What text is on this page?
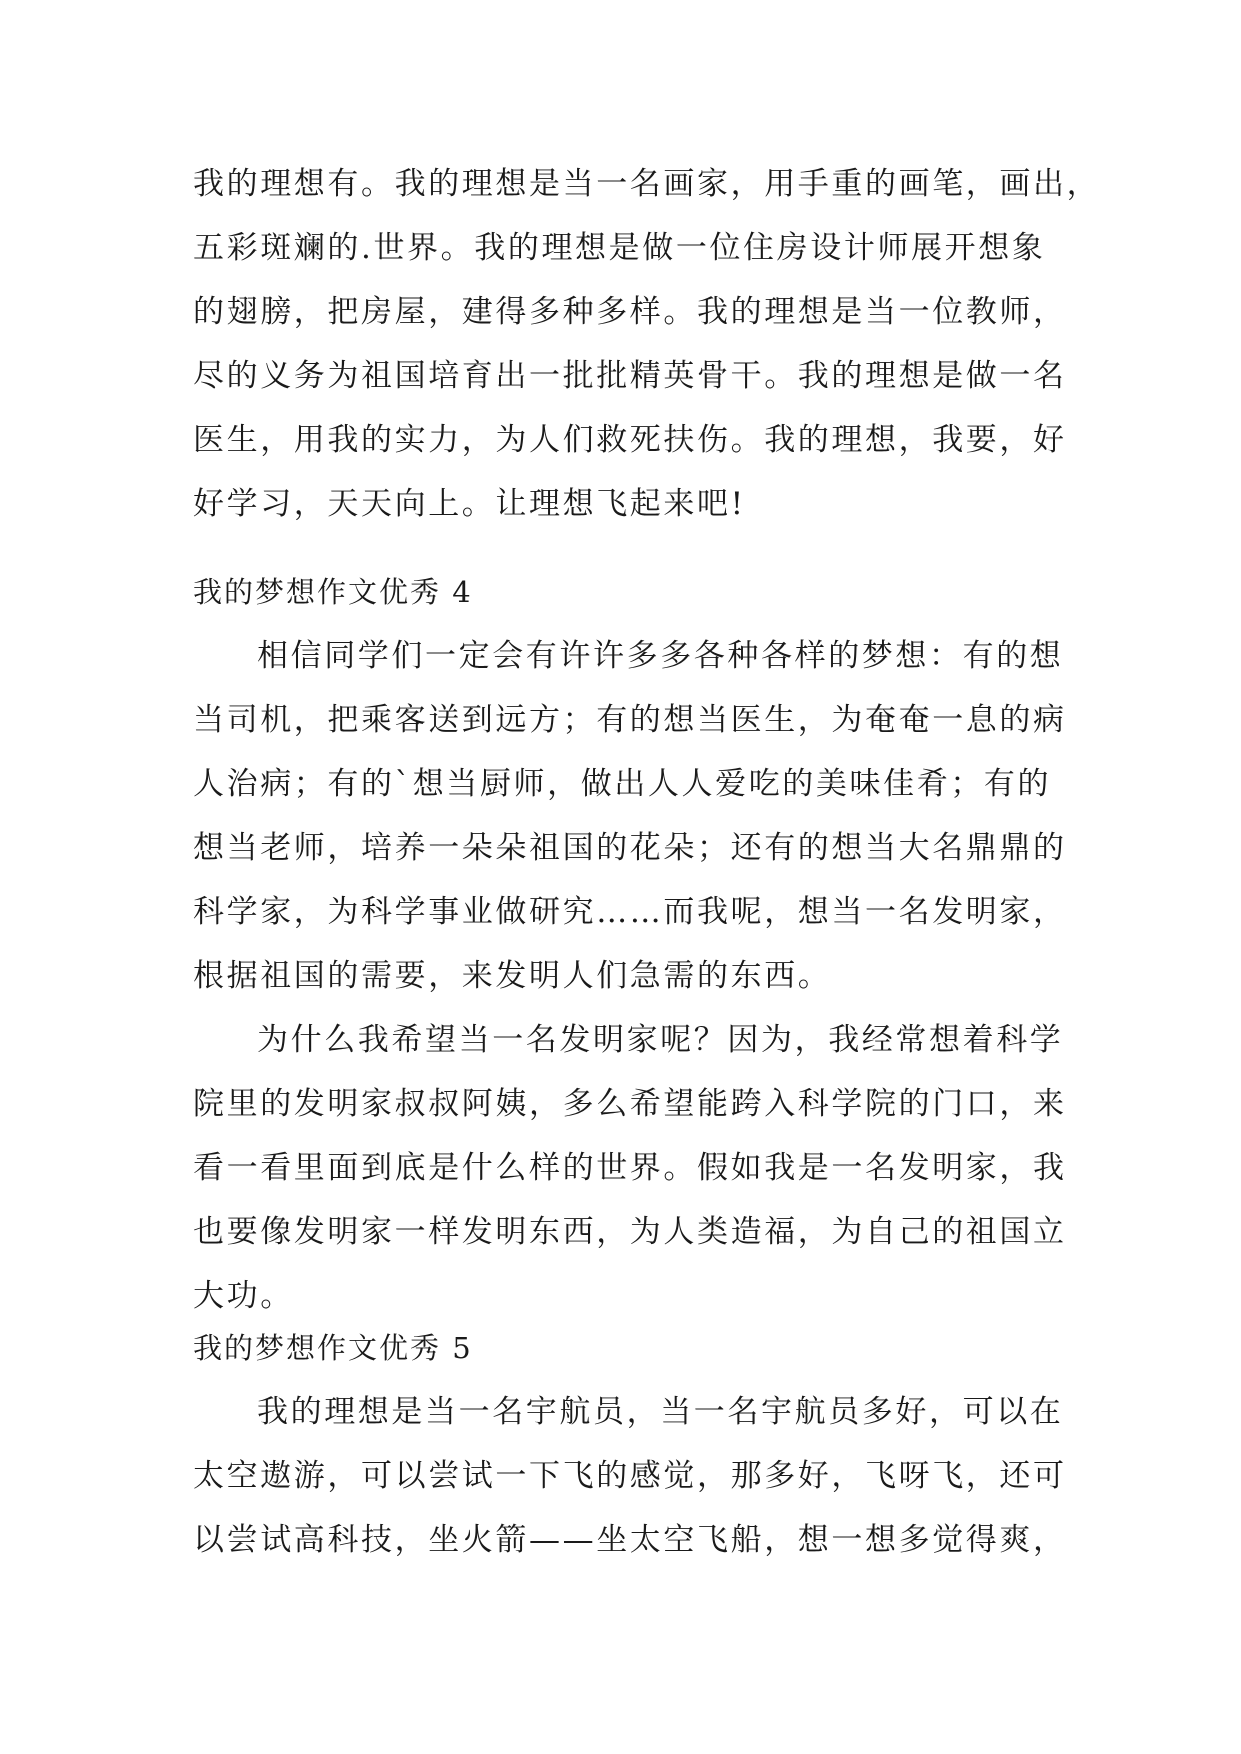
我的理想有。我的理想是当一名画家，用手重的画笔，画出，
五彩斑斓的.世界。我的理想是做一位住房设计师展开想象
的翅膀，把房屋，建得多种多样。我的理想是当一位教师，
尽的义务为祖国培育出一批批精英骨干。我的理想是做一名
医生，用我的实力，为人们救死扶伤。我的理想，我要，好
好学习，天天向上。让理想飞起来吧!
我的梦想作文优秀 4
相信同学们一定会有许许多多各种各样的梦想：有的想
当司机，把乘客送到远方；有的想当医生，为奄奄一息的病
人治病；有的`想当厨师，做出人人爱吃的美味佳肴；有的
想当老师，培养一朵朵祖国的花朵；还有的想当大名鼎鼎的
科学家，为科学事业做研究……而我呢，想当一名发明家，
根据祖国的需要，来发明人们急需的东西。
为什么我希望当一名发明家呢？因为，我经常想着科学
院里的发明家叔叔阿姨，多么希望能跨入科学院的门口，来
看一看里面到底是什么样的世界。假如我是一名发明家，我
也要像发明家一样发明东西，为人类造福，为自己的祖国立
大功。
我的梦想作文优秀 5
我的理想是当一名宇航员，当一名宇航员多好，可以在
太空遨游，可以尝试一下飞的感觉，那多好，飞呀飞，还可
以尝试高科技，坐火箭——坐太空飞船，想一想多觉得爽，
